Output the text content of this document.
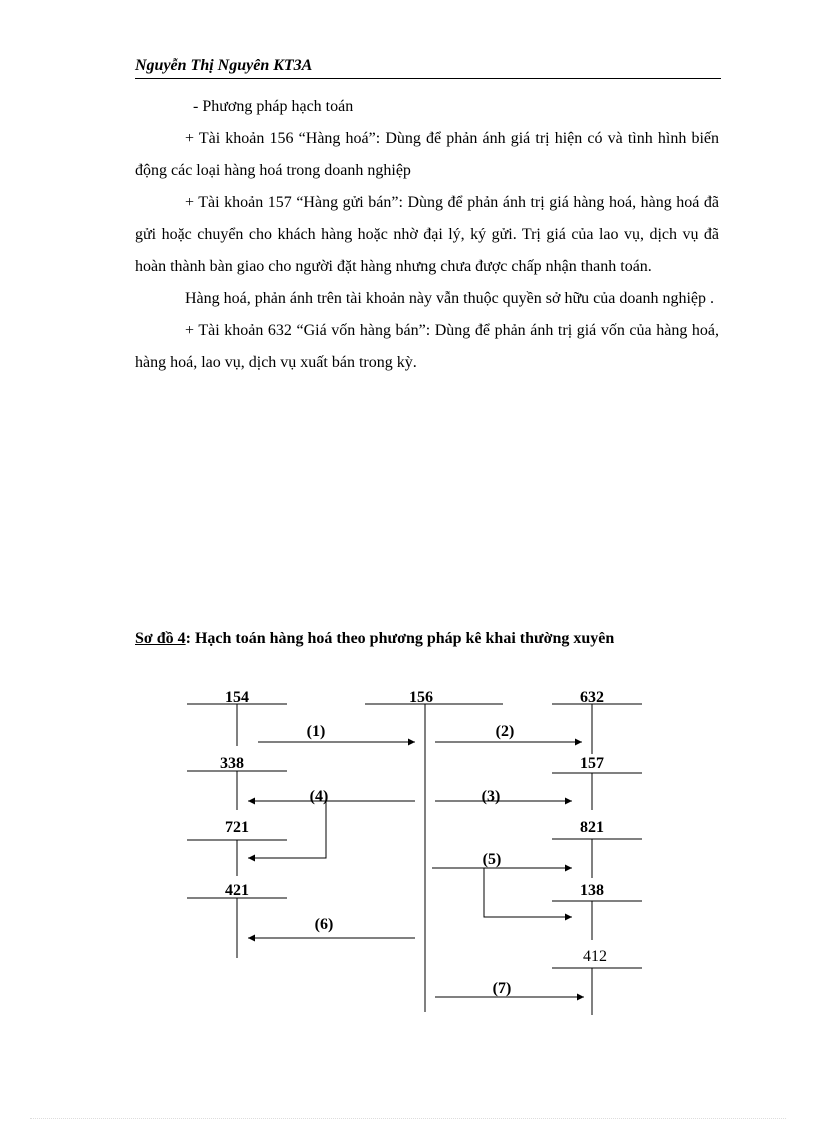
Nguyễn Thị Nguyên KT3A

- Phương pháp hạch toán

+ Tài khoản 156 “Hàng hoá”: Dùng để phản ánh giá trị hiện có và tình hình biến động các loại hàng hoá trong doanh nghiệp

+ Tài khoản 157 “Hàng gửi bán”: Dùng để phản ánh trị giá hàng hoá, hàng hoá đã gửi hoặc chuyển cho khách hàng hoặc nhờ đại lý, ký gửi. Trị giá của lao vụ, dịch vụ đã hoàn thành bàn giao cho người đặt hàng nhưng chưa được chấp nhận thanh toán.

Hàng hoá, phản ánh trên tài khoản này vẫn thuộc quyền sở hữu của doanh nghiệp .

+ Tài khoản 632 “Giá vốn hàng bán”: Dùng để phản ánh trị giá vốn của hàng hoá, hàng hoá, lao vụ, dịch vụ xuất bán trong kỳ.

Sơ đồ 4: Hạch toán hàng hoá theo phương pháp kê khai thường xuyên
154	156	632
338	157
721	821
421	138
412
(1)	(2)
(4)	(3)
(5)
(6)
(7)
